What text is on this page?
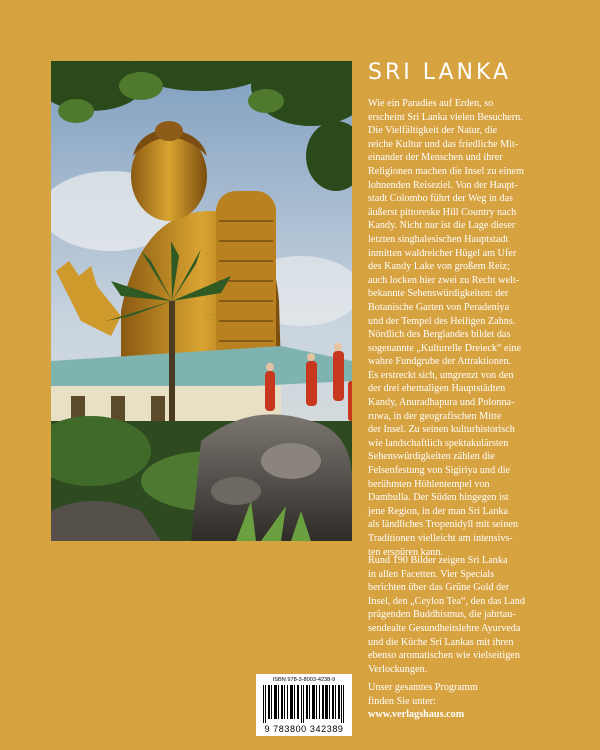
SRI LANKA

Wie ein Paradies auf Erden, so
erscheint Sri Lanka vielen Besuchern.
Die Vielfältigkeit der Natur, die
reiche Kultur und das friedliche Mit-
einander der Menschen und ihrer
Religionen machen die Insel zu einem
lohnenden Reiseziel. Von der Haupt-
stadt Colombo führt der Weg in das
äußerst pittoreske Hill Country nach
Kandy. Nicht nur ist die Lage dieser
letzten singhalesischen Hauptstadt
inmitten waldreicher Hügel am Ufer
des Kandy Lake von großem Reiz;
auch locken hier zwei zu Recht welt-
bekannte Sehenswürdigkeiten: der
Botanische Garten von Peradeniya
und der Tempel des Heiligen Zahns.
Nördlich des Berglandes bildet das
sogenannte „Kulturelle Dreieck“ eine
wahre Fundgrube der Attraktionen.
Es erstreckt sich, umgrenzt von den
der drei ehemaligen Hauptstädten
Kandy, Anuradhapura und Polonna-
ruwa, in der geografischen Mitte
der Insel. Zu seinen kulturhistorisch
wie landschaftlich spektakulärsten
Sehenswürdigkeiten zählen die
Felsenfestung von Sigiriya und die
berühmten Höhlentempel von
Dambulla. Der Süden hingegen ist
jene Region, in der man Sri Lanka
als ländliches Tropenidyll mit seinen
Traditionen vielleicht am intensivs-
ten erspüren kann.

Rund 190 Bilder zeigen Sri Lanka
in allen Facetten. Vier Specials
berichten über das Grüne Gold der
Insel, den „Ceylon Tea“, den das Land
prägenden Buddhismus, die jahrtau-
sendealte Gesundheitslehre Ayurveda
und die Küche Sri Lankas mit ihren
ebenso aromatischen wie vielseitigen
Verlockungen.

ISBN 978-3-8003-4238-9
9 783800 342389

Unser gesamtes Programm
finden Sie unter:

www.verlagshaus.com
